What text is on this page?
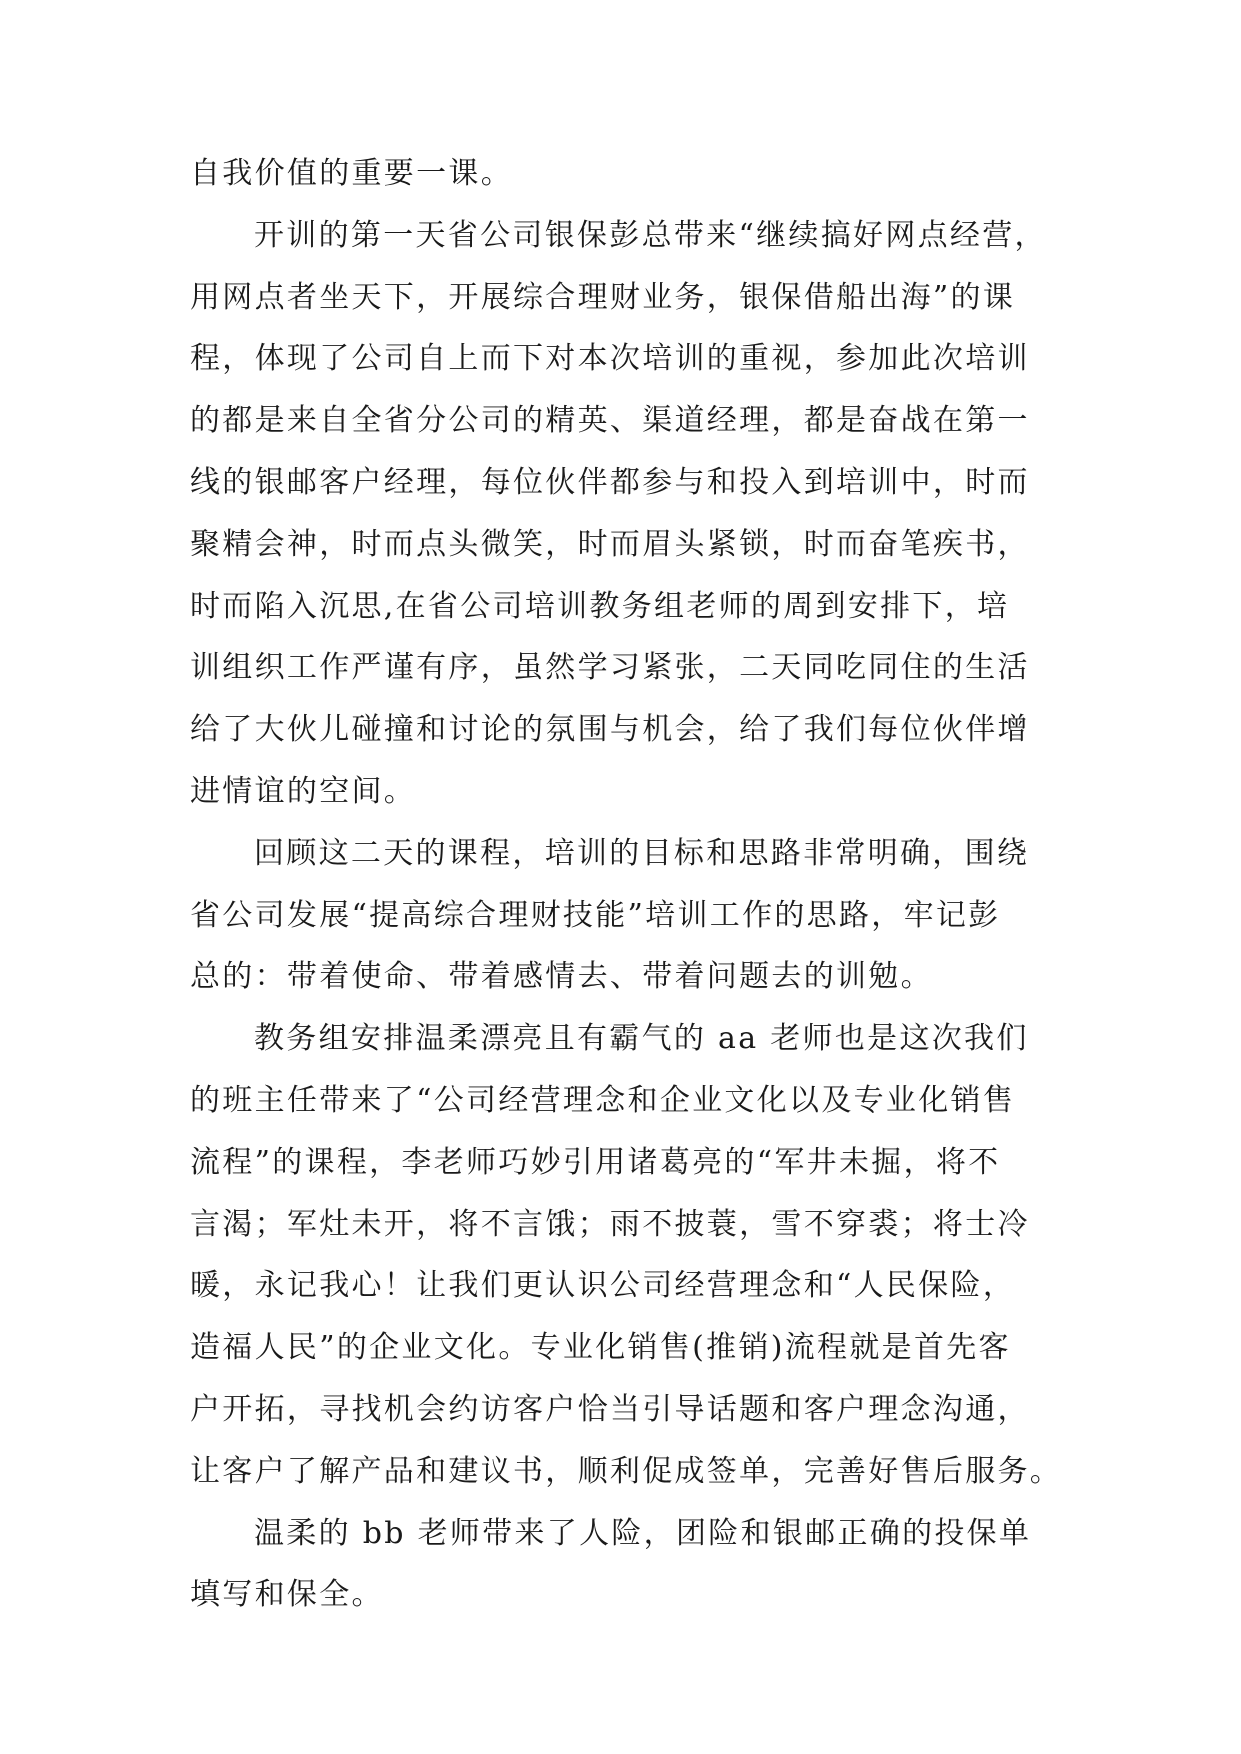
自我价值的重要一课。
开训的第一天省公司银保彭总带来“继续搞好网点经营，
用网点者坐天下，开展综合理财业务，银保借船出海”的课
程，体现了公司自上而下对本次培训的重视，参加此次培训
的都是来自全省分公司的精英、渠道经理，都是奋战在第一
线的银邮客户经理，每位伙伴都参与和投入到培训中，时而
聚精会神，时而点头微笑，时而眉头紧锁，时而奋笔疾书，
时而陷入沉思,在省公司培训教务组老师的周到安排下，培
训组织工作严谨有序，虽然学习紧张，二天同吃同住的生活
给了大伙儿碰撞和讨论的氛围与机会，给了我们每位伙伴增
进情谊的空间。
回顾这二天的课程，培训的目标和思路非常明确，围绕
省公司发展“提高综合理财技能”培训工作的思路，牢记彭
总的：带着使命、带着感情去、带着问题去的训勉。
教务组安排温柔漂亮且有霸气的 aa 老师也是这次我们
的班主任带来了“公司经营理念和企业文化以及专业化销售
流程”的课程，李老师巧妙引用诸葛亮的“军井未掘，将不
言渴；军灶未开，将不言饿；雨不披蓑，雪不穿裘；将士冷
暖，永记我心！让我们更认识公司经营理念和“人民保险，
造福人民”的企业文化。专业化销售(推销)流程就是首先客
户开拓，寻找机会约访客户恰当引导话题和客户理念沟通，
让客户了解产品和建议书，顺利促成签单，完善好售后服务。
温柔的 bb 老师带来了人险，团险和银邮正确的投保单
填写和保全。
